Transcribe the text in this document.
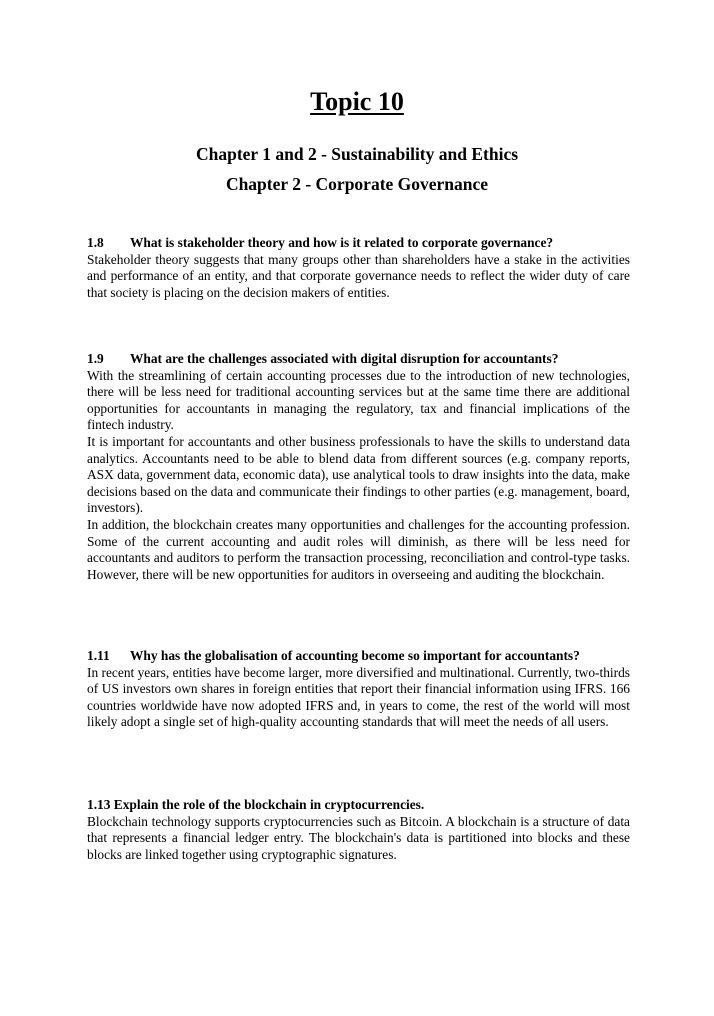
Topic 10
Chapter 1 and 2 - Sustainability and Ethics
Chapter 2 - Corporate Governance

1.8 What is stakeholder theory and how is it related to corporate governance?

Stakeholder theory suggests that many groups other than shareholders have a stake in the activities and performance of an entity, and that corporate governance needs to reflect the wider duty of care that society is placing on the decision makers of entities.

1.9 What are the challenges associated with digital disruption for accountants?

With the streamlining of certain accounting processes due to the introduction of new technologies, there will be less need for traditional accounting services but at the same time there are additional opportunities for accountants in managing the regulatory, tax and financial implications of the fintech industry.

It is important for accountants and other business professionals to have the skills to understand data analytics. Accountants need to be able to blend data from different sources (e.g. company reports, ASX data, government data, economic data), use analytical tools to draw insights into the data, make decisions based on the data and communicate their findings to other parties (e.g. management, board, investors).

In addition, the blockchain creates many opportunities and challenges for the accounting profession. Some of the current accounting and audit roles will diminish, as there will be less need for accountants and auditors to perform the transaction processing, reconciliation and control-type tasks. However, there will be new opportunities for auditors in overseeing and auditing the blockchain.

1.11 Why has the globalisation of accounting become so important for accountants?

In recent years, entities have become larger, more diversified and multinational. Currently, two-thirds of US investors own shares in foreign entities that report their financial information using IFRS. 166 countries worldwide have now adopted IFRS and, in years to come, the rest of the world will most likely adopt a single set of high-quality accounting standards that will meet the needs of all users.

1.13 Explain the role of the blockchain in cryptocurrencies.

Blockchain technology supports cryptocurrencies such as Bitcoin. A blockchain is a structure of data that represents a financial ledger entry. The blockchain's data is partitioned into blocks and these blocks are linked together using cryptographic signatures.
